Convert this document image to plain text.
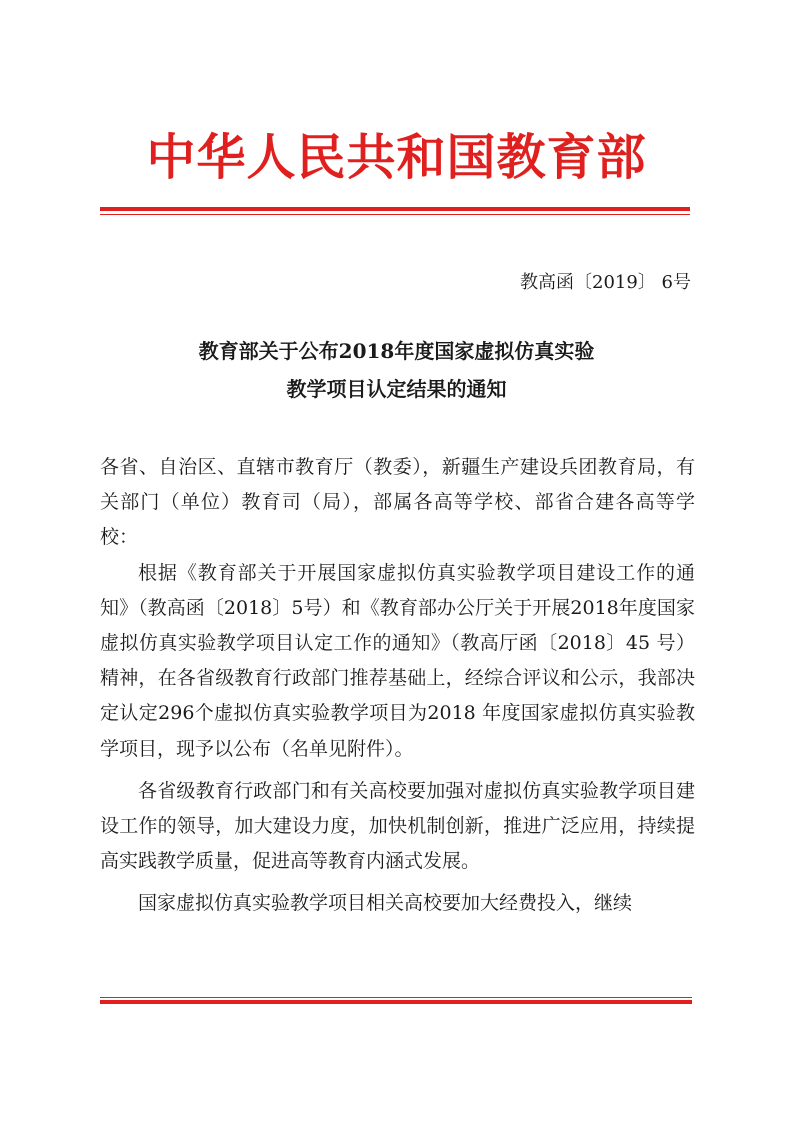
中华人民共和国教育部
教高函〔2019〕 6号
教育部关于公布2018年度国家虚拟仿真实验
教学项目认定结果的通知

各省、自治区、直辖市教育厅（教委），新疆生产建设兵团教育局，有关部门（单位）教育司（局），部属各高等学校、部省合建各高等学校：

根据《教育部关于开展国家虚拟仿真实验教学项目建设工作的通知》（教高函〔2018〕5号）和《教育部办公厅关于开展2018年度国家虚拟仿真实验教学项目认定工作的通知》（教高厅函〔2018〕45 号）精神，在各省级教育行政部门推荐基础上，经综合评议和公示，我部决定认定296个虚拟仿真实验教学项目为2018 年度国家虚拟仿真实验教学项目，现予以公布（名单见附件）。

各省级教育行政部门和有关高校要加强对虚拟仿真实验教学项目建设工作的领导，加大建设力度，加快机制创新，推进广泛应用，持续提高实践教学质量，促进高等教育内涵式发展。

国家虚拟仿真实验教学项目相关高校要加大经费投入，继续
